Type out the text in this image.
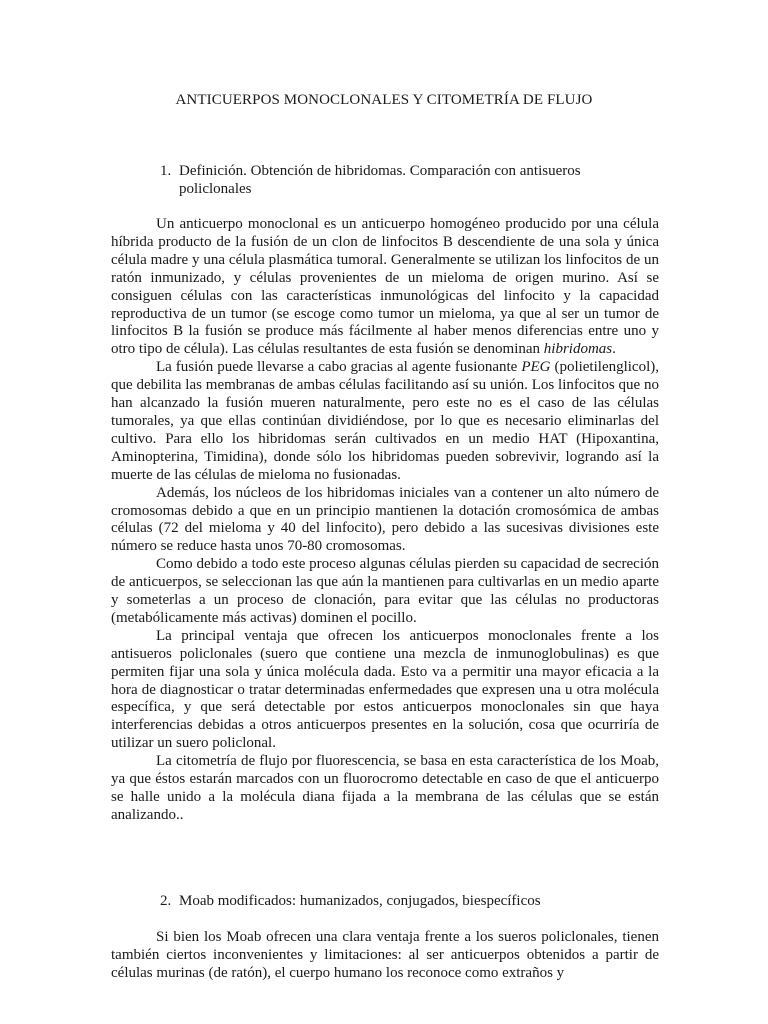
ANTICUERPOS MONOCLONALES Y CITOMETRÍA DE FLUJO
1. Definición. Obtención de hibridomas. Comparación con antisueros policlonales

Un anticuerpo monoclonal es un anticuerpo homogéneo producido por una célula híbrida producto de la fusión de un clon de linfocitos B descendiente de una sola y única célula madre y una célula plasmática tumoral. Generalmente se utilizan los linfocitos de un ratón inmunizado, y células provenientes de un mieloma de origen murino. Así se consiguen células con las características inmunológicas del linfocito y la capacidad reproductiva de un tumor (se escoge como tumor un mieloma, ya que al ser un tumor de linfocitos B la fusión se produce más fácilmente al haber menos diferencias entre uno y otro tipo de célula). Las células resultantes de esta fusión se denominan hibridomas.

La fusión puede llevarse a cabo gracias al agente fusionante PEG (polietilenglicol), que debilita las membranas de ambas células facilitando así su unión. Los linfocitos que no han alcanzado la fusión mueren naturalmente, pero este no es el caso de las células tumorales, ya que ellas continúan dividiéndose, por lo que es necesario eliminarlas del cultivo. Para ello los hibridomas serán cultivados en un medio HAT (Hipoxantina, Aminopterina, Timidina), donde sólo los hibridomas pueden sobrevivir, logrando así la muerte de las células de mieloma no fusionadas.

Además, los núcleos de los hibridomas iniciales van a contener un alto número de cromosomas debido a que en un principio mantienen la dotación cromosómica de ambas células (72 del mieloma y 40 del linfocito), pero debido a las sucesivas divisiones este número se reduce hasta unos 70-80 cromosomas.

Como debido a todo este proceso algunas células pierden su capacidad de secreción de anticuerpos, se seleccionan las que aún la mantienen para cultivarlas en un medio aparte y someterlas a un proceso de clonación, para evitar que las células no productoras (metabólicamente más activas) dominen el pocillo.

La principal ventaja que ofrecen los anticuerpos monoclonales frente a los antisueros policlonales (suero que contiene una mezcla de inmunoglobulinas) es que permiten fijar una sola y única molécula dada. Esto va a permitir una mayor eficacia a la hora de diagnosticar o tratar determinadas enfermedades que expresen una u otra molécula específica, y que será detectable por estos anticuerpos monoclonales sin que haya interferencias debidas a otros anticuerpos presentes en la solución, cosa que ocurriría de utilizar un suero policlonal.

La citometría de flujo por fluorescencia, se basa en esta característica de los Moab, ya que éstos estarán marcados con un fluorocromo detectable en caso de que el anticuerpo se halle unido a la molécula diana fijada a la membrana de las células que se están analizando..

2. Moab modificados: humanizados, conjugados, biespecíficos

Si bien los Moab ofrecen una clara ventaja frente a los sueros policlonales, tienen también ciertos inconvenientes y limitaciones: al ser anticuerpos obtenidos a partir de células murinas (de ratón), el cuerpo humano los reconoce como extraños y
